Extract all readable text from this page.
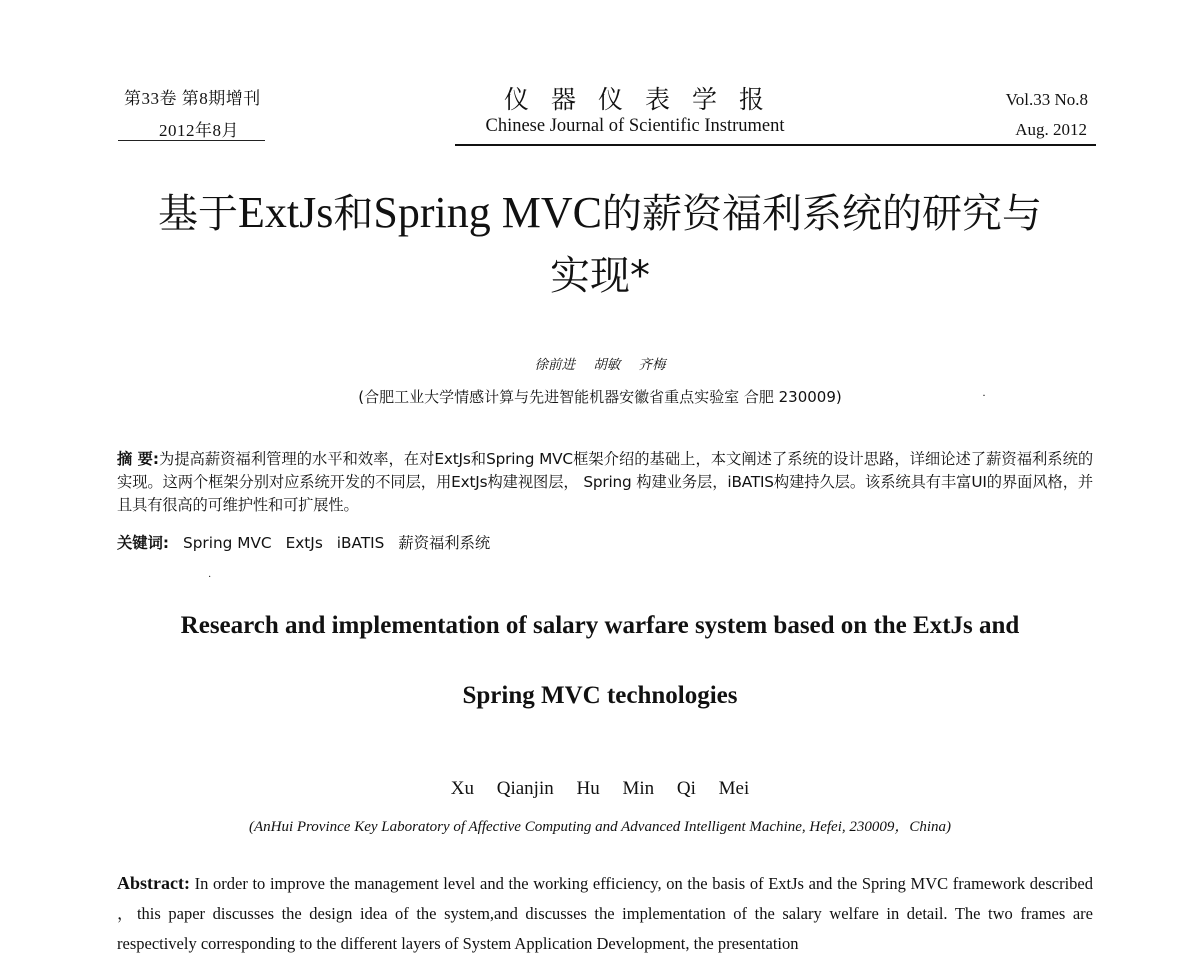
第33卷 第8期增刊
2012年8月
仪器仪表学报
Chinese Journal of Scientific Instrument
Vol.33 No.8
Aug. 2012
基于ExtJs和Spring MVC的薪资福利系统的研究与
实现*
徐前进 胡敏 齐梅
(合肥工业大学情感计算与先进智能机器安徽省重点实验室 合肥 230009)	·
摘 要:为提高薪资福利管理的水平和效率，在对ExtJs和Spring MVC框架介绍的基础上，本文阐述了系统的设计思路，详细论述了薪资福利系统的实现。这两个框架分别对应系统开发的不同层，用ExtJs构建视图层， Spring 构建业务层，iBATIS构建持久层。该系统具有丰富UI的界面风格，并且具有很高的可维护性和可扩展性。
关键词: Spring MVC ExtJs iBATIS 薪资福利系统
·
Research and implementation of salary warfare system based on the ExtJs and
Spring MVC technologies
Xu Qianjin Hu Min Qi Mei
(AnHui Province Key Laboratory of Affective Computing and Advanced Intelligent Machine, Hefei, 230009，China)
Abstract: In order to improve the management level and the working efficiency, on the basis of ExtJs and the Spring MVC framework described ，this paper discusses the design idea of the system,and discusses the implementation of the salary welfare in detail. The two frames are respectively corresponding to the different layers of System Application Development, the presentation
